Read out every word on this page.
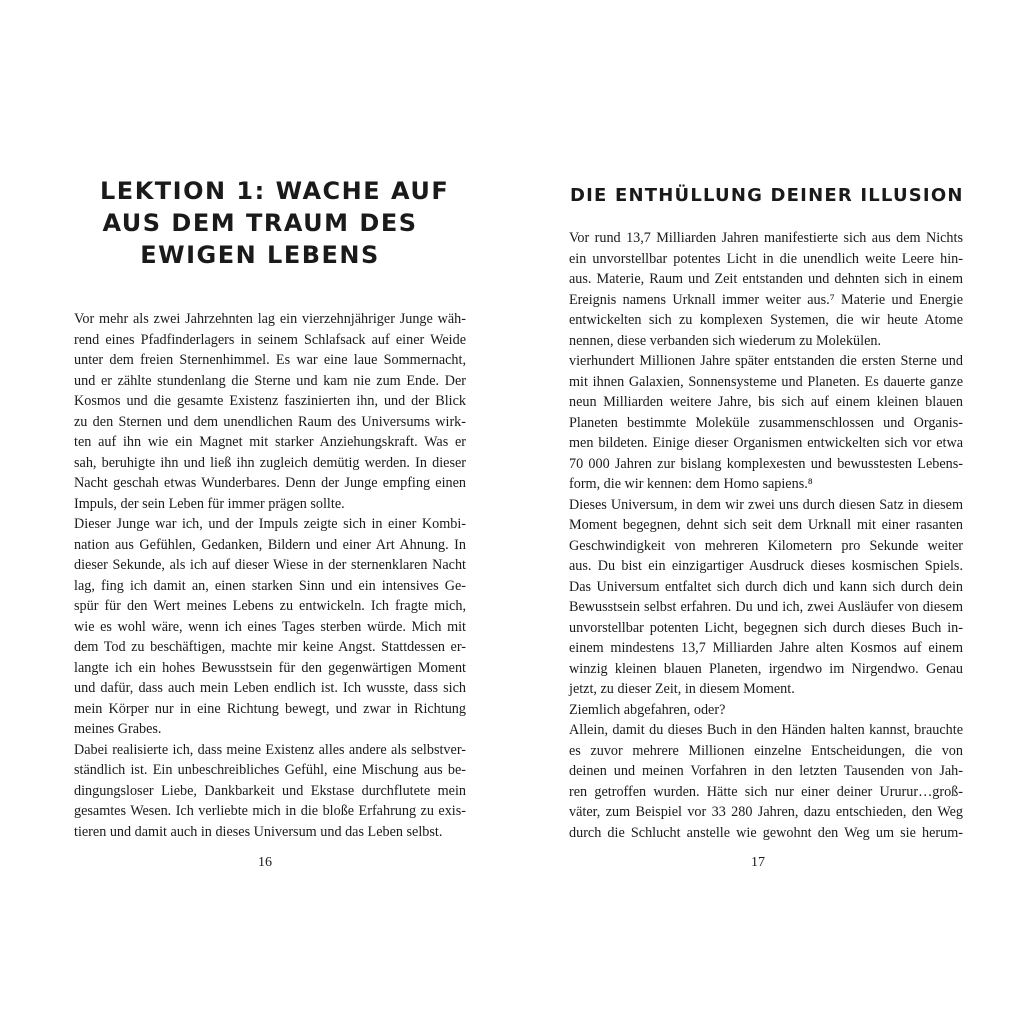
LEKTION 1: WACHE AUF
AUS DEM TRAUM DES
EWIGEN LEBENS
Vor mehr als zwei Jahrzehnten lag ein vierzehnjähriger Junge wäh-
rend eines Pfadfinderlagers in seinem Schlafsack auf einer Weide
unter dem freien Sternenhimmel. Es war eine laue Sommernacht,
und er zählte stundenlang die Sterne und kam nie zum Ende. Der
Kosmos und die gesamte Existenz faszinierten ihn, und der Blick
zu den Sternen und dem unendlichen Raum des Universums wirk-
ten auf ihn wie ein Magnet mit starker Anziehungskraft. Was er
sah, beruhigte ihn und ließ ihn zugleich demütig werden. In dieser
Nacht geschah etwas Wunderbares. Denn der Junge empfing einen
Impuls, der sein Leben für immer prägen sollte.
Dieser Junge war ich, und der Impuls zeigte sich in einer Kombi-
nation aus Gefühlen, Gedanken, Bildern und einer Art Ahnung. In
dieser Sekunde, als ich auf dieser Wiese in der sternenklaren Nacht
lag, fing ich damit an, einen starken Sinn und ein intensives Ge-
spür für den Wert meines Lebens zu entwickeln. Ich fragte mich,
wie es wohl wäre, wenn ich eines Tages sterben würde. Mich mit
dem Tod zu beschäftigen, machte mir keine Angst. Stattdessen er-
langte ich ein hohes Bewusstsein für den gegenwärtigen Moment
und dafür, dass auch mein Leben endlich ist. Ich wusste, dass sich
mein Körper nur in eine Richtung bewegt, und zwar in Richtung
meines Grabes.
Dabei realisierte ich, dass meine Existenz alles andere als selbstver-
ständlich ist. Ein unbeschreibliches Gefühl, eine Mischung aus be-
dingungsloser Liebe, Dankbarkeit und Ekstase durchflutete mein
gesamtes Wesen. Ich verliebte mich in die bloße Erfahrung zu exis-
tieren und damit auch in dieses Universum und das Leben selbst.
16
DIE ENTHÜLLUNG DEINER ILLUSION
Vor rund 13,7 Milliarden Jahren manifestierte sich aus dem Nichts
ein unvorstellbar potentes Licht in die unendlich weite Leere hin-
aus. Materie, Raum und Zeit entstanden und dehnten sich in einem
Ereignis namens Urknall immer weiter aus.⁷ Materie und Energie
entwickelten sich zu komplexen Systemen, die wir heute Atome
nennen, diese verbanden sich wiederum zu Molekülen.
vierhundert Millionen Jahre später entstanden die ersten Sterne und
mit ihnen Galaxien, Sonnensysteme und Planeten. Es dauerte ganze
neun Milliarden weitere Jahre, bis sich auf einem kleinen blauen
Planeten bestimmte Moleküle zusammenschlossen und Organis-
men bildeten. Einige dieser Organismen entwickelten sich vor etwa
70 000 Jahren zur bislang komplexesten und bewusstesten Lebens-
form, die wir kennen: dem Homo sapiens.⁸
Dieses Universum, in dem wir zwei uns durch diesen Satz in diesem
Moment begegnen, dehnt sich seit dem Urknall mit einer rasanten
Geschwindigkeit von mehreren Kilometern pro Sekunde weiter
aus. Du bist ein einzigartiger Ausdruck dieses kosmischen Spiels.
Das Universum entfaltet sich durch dich und kann sich durch dein
Bewusstsein selbst erfahren. Du und ich, zwei Ausläufer von diesem
unvorstellbar potenten Licht, begegnen sich durch dieses Buch in-
einem mindestens 13,7 Milliarden Jahre alten Kosmos auf einem
winzig kleinen blauen Planeten, irgendwo im Nirgendwo. Genau
jetzt, zu dieser Zeit, in diesem Moment.
Ziemlich abgefahren, oder?
Allein, damit du dieses Buch in den Händen halten kannst, brauchte
es zuvor mehrere Millionen einzelne Entscheidungen, die von
deinen und meinen Vorfahren in den letzten Tausenden von Jah-
ren getroffen wurden. Hätte sich nur einer deiner Ururur…groß-
väter, zum Beispiel vor 33 280 Jahren, dazu entschieden, den Weg
durch die Schlucht anstelle wie gewohnt den Weg um sie herum-
17
